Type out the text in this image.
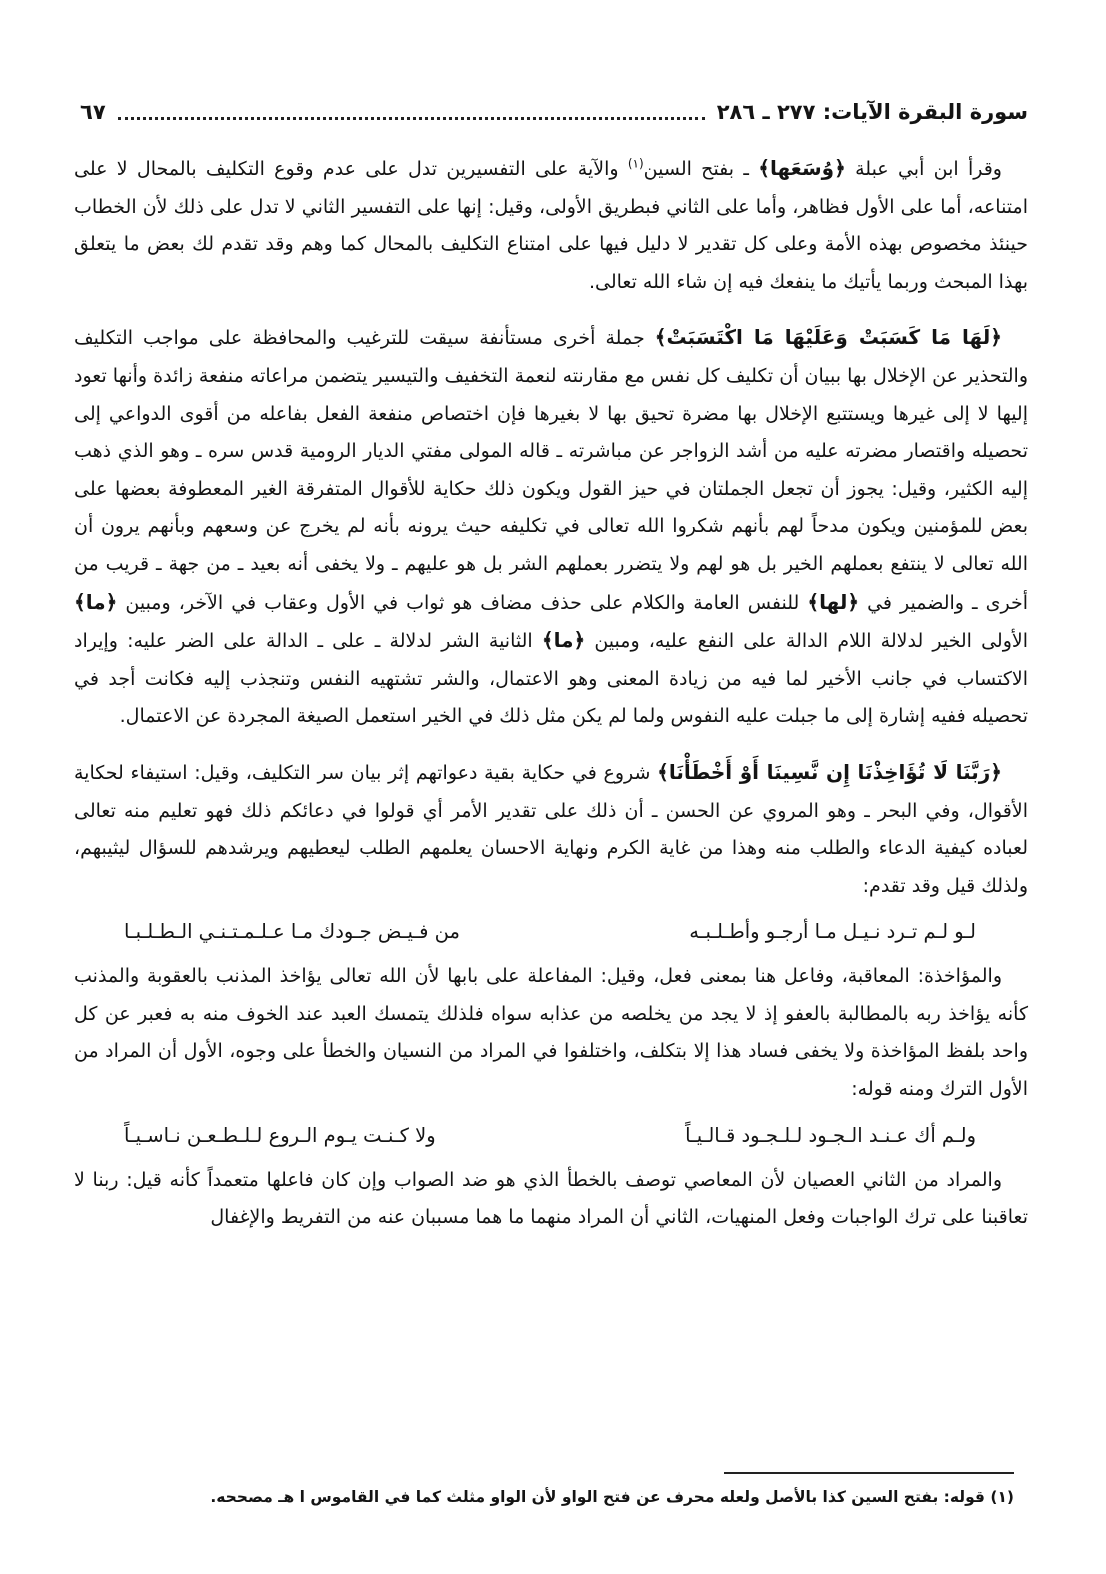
سورة البقرة الآيات: ٢٧٧ ـ ٢٨٦
٦٧

وقرأ ابن أبي عبلة ﴿وُسَعَها﴾ ـ بفتح السين$^{(١)}$ والآية على التفسيرين تدل على عدم وقوع التكليف بالمحال لا على امتناعه، أما على الأول فظاهر، وأما على الثاني فبطريق الأولى، وقيل: إنها على التفسير الثاني لا تدل على ذلك لأن الخطاب حينئذ مخصوص بهذه الأمة وعلى كل تقدير لا دليل فيها على امتناع التكليف بالمحال كما وهم وقد تقدم لك بعض ما يتعلق بهذا المبحث وربما يأتيك ما ينفعك فيه إن شاء الله تعالى.

﴿لَهَا مَا كَسَبَتْ وَعَلَيْهَا مَا اكْتَسَبَتْ﴾ جملة أخرى مستأنفة سيقت للترغيب والمحافظة على مواجب التكليف والتحذير عن الإخلال بها ببيان أن تكليف كل نفس مع مقارنته لنعمة التخفيف والتيسير يتضمن مراعاته منفعة زائدة وأنها تعود إليها لا إلى غيرها ويستتبع الإخلال بها مضرة تحيق بها لا بغيرها فإن اختصاص منفعة الفعل بفاعله من أقوى الدواعي إلى تحصيله واقتصار مضرته عليه من أشد الزواجر عن مباشرته ـ قاله المولى مفتي الديار الرومية قدس سره ـ وهو الذي ذهب إليه الكثير، وقيل: يجوز أن تجعل الجملتان في حيز القول ويكون ذلك حكاية للأقوال المتفرقة الغير المعطوفة بعضها على بعض للمؤمنين ويكون مدحاً لهم بأنهم شكروا الله تعالى في تكليفه حيث يرونه بأنه لم يخرج عن وسعهم وبأنهم يرون أن الله تعالى لا ينتفع بعملهم الخير بل هو لهم ولا يتضرر بعملهم الشر بل هو عليهم ـ ولا يخفى أنه بعيد ـ من جهة ـ قريب من أخرى ـ والضمير في ﴿لها﴾ للنفس العامة والكلام على حذف مضاف هو ثواب في الأول وعقاب في الآخر، ومبين ﴿ما﴾ الأولى الخير لدلالة اللام الدالة على النفع عليه، ومبين ﴿ما﴾ الثانية الشر لدلالة ـ على ـ الدالة على الضر عليه: وإيراد الاكتساب في جانب الأخير لما فيه من زيادة المعنى وهو الاعتمال، والشر تشتهيه النفس وتنجذب إليه فكانت أجد في تحصيله ففيه إشارة إلى ما جبلت عليه النفوس ولما لم يكن مثل ذلك في الخير استعمل الصيغة المجردة عن الاعتمال.

﴿رَبَّنَا لَا تُؤَاخِذْنَا إِن نَّسِينَا أَوْ أَخْطَأْنَا﴾ شروع في حكاية بقية دعواتهم إثر بيان سر التكليف، وقيل: استيفاء لحكاية الأقوال، وفي البحر ـ وهو المروي عن الحسن ـ أن ذلك على تقدير الأمر أي قولوا في دعائكم ذلك فهو تعليم منه تعالى لعباده كيفية الدعاء والطلب منه وهذا من غاية الكرم ونهاية الاحسان يعلمهم الطلب ليعطيهم ويرشدهم للسؤال ليثيبهم، ولذلك قيل وقد تقدم:

لـو لـم تـرد نـيـل مـا أرجـو وأطـلـبـه
من فـيـض جـودك مـا عـلـمـتـنـي الـطـلـبـا

والمؤاخذة: المعاقبة، وفاعل هنا بمعنى فعل، وقيل: المفاعلة على بابها لأن الله تعالى يؤاخذ المذنب بالعقوبة والمذنب كأنه يؤاخذ ربه بالمطالبة بالعفو إذ لا يجد من يخلصه من عذابه سواه فلذلك يتمسك العبد عند الخوف منه به فعبر عن كل واحد بلفظ المؤاخذة ولا يخفى فساد هذا إلا بتكلف، واختلفوا في المراد من النسيان والخطأ على وجوه، الأول أن المراد من الأول الترك ومنه قوله:

ولـم أك عـنـد الـجـود لـلـجـود قـالـيـاً
ولا كـنـت يـوم الـروع لـلـطـعـن نـاسـيـاً

والمراد من الثاني العصيان لأن المعاصي توصف بالخطأ الذي هو ضد الصواب وإن كان فاعلها متعمداً كأنه قيل: ربنا لا تعاقبنا على ترك الواجبات وفعل المنهيات، الثاني أن المراد منهما ما هما مسببان عنه من التفريط والإغفال

(١) قوله: بفتح السين كذا بالأصل ولعله محرف عن فتح الواو لأن الواو مثلث كما في القاموس ا هـ مصححه.
